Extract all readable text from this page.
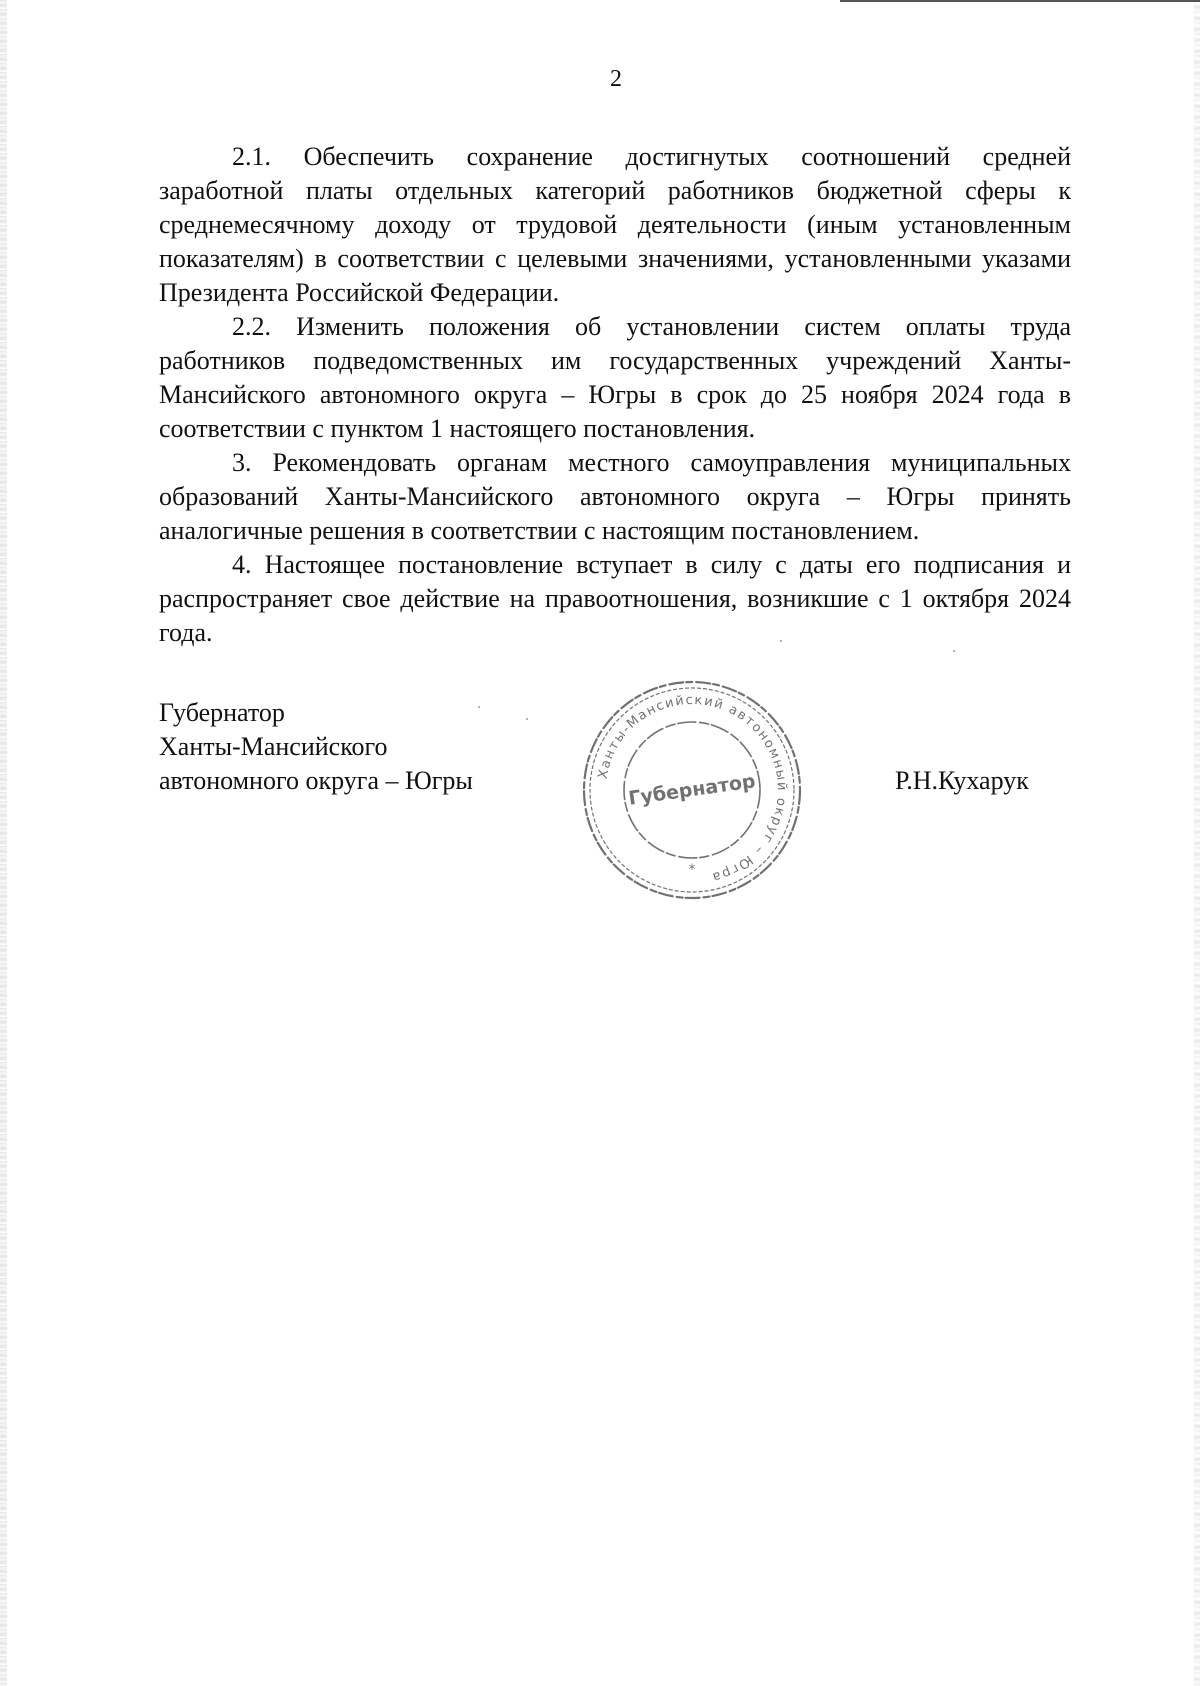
2

2.1. Обеспечить сохранение достигнутых соотношений средней заработной платы отдельных категорий работников бюджетной сферы к среднемесячному доходу от трудовой деятельности (иным установленным показателям) в соответствии с целевыми значениями, установленными указами Президента Российской Федерации.

2.2. Изменить положения об установлении систем оплаты труда работников подведомственных им государственных учреждений Ханты-Мансийского автономного округа – Югры в срок до 25 ноября 2024 года в соответствии с пунктом 1 настоящего постановления.

3. Рекомендовать органам местного самоуправления муниципальных образований Ханты-Мансийского автономного округа – Югры принять аналогичные решения в соответствии с настоящим постановлением.

4. Настоящее постановление вступает в силу с даты его подписания и распространяет свое действие на правоотношения, возникшие с 1 октября 2024 года.

Губернатор
Ханты-Мансийского
автономного округа – Югры	Ханты-Мансийский автономный округ – Югра
Губернатор
*
Р.Н.Кухарук
